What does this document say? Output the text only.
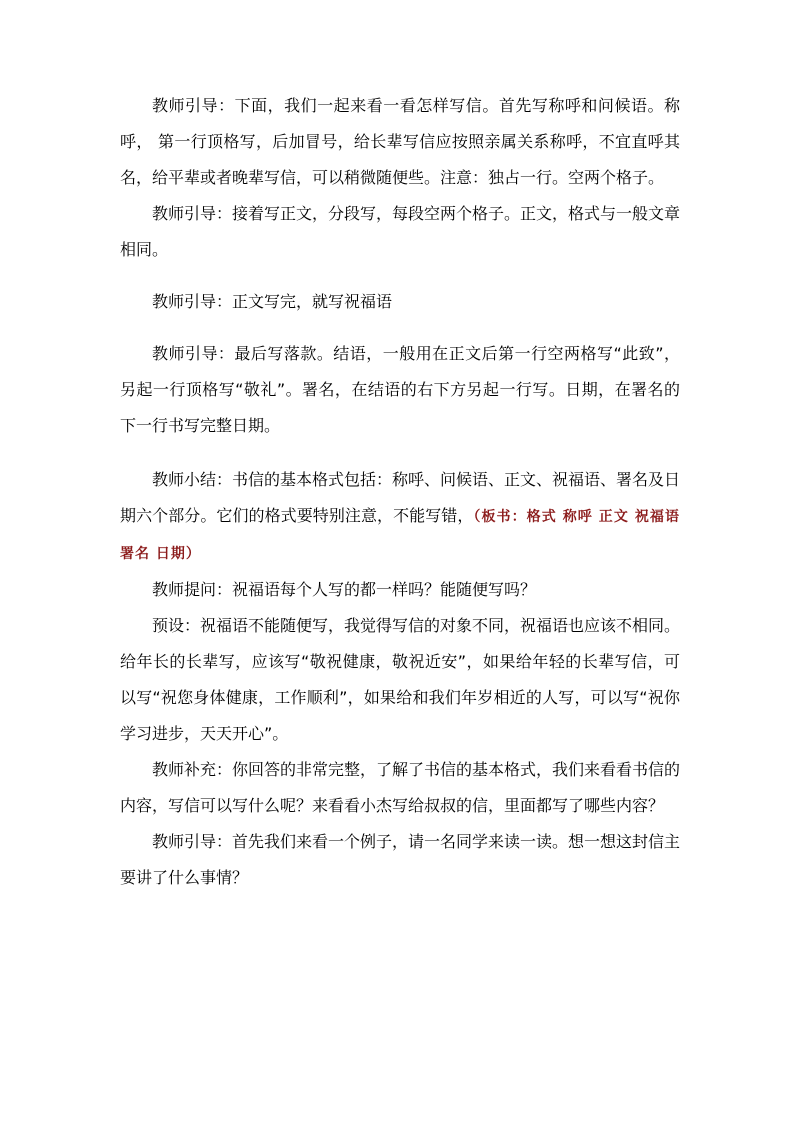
教师引导：下面，我们一起来看一看怎样写信。首先写称呼和问候语。称呼， 第一行顶格写，后加冒号，给长辈写信应按照亲属关系称呼，不宜直呼其名，给平辈或者晚辈写信，可以稍微随便些。注意：独占一行。空两个格子。

教师引导：接着写正文，分段写，每段空两个格子。正文，格式与一般文章相同。

教师引导：正文写完，就写祝福语

教师引导：最后写落款。结语，一般用在正文后第一行空两格写“此致”，另起一行顶格写“敬礼”。署名，在结语的右下方另起一行写。日期，在署名的下一行书写完整日期。

教师小结：书信的基本格式包括：称呼、问候语、正文、祝福语、署名及日期六个部分。它们的格式要特别注意，不能写错，（板书：格式 称呼 正文 祝福语 署名 日期）

教师提问：祝福语每个人写的都一样吗？能随便写吗？

预设：祝福语不能随便写，我觉得写信的对象不同，祝福语也应该不相同。给年长的长辈写，应该写“敬祝健康，敬祝近安”，如果给年轻的长辈写信，可以写“祝您身体健康，工作顺利”，如果给和我们年岁相近的人写，可以写“祝你学习进步，天天开心”。

教师补充：你回答的非常完整，了解了书信的基本格式，我们来看看书信的内容，写信可以写什么呢？来看看小杰写给叔叔的信，里面都写了哪些内容？

教师引导：首先我们来看一个例子，请一名同学来读一读。想一想这封信主要讲了什么事情？
